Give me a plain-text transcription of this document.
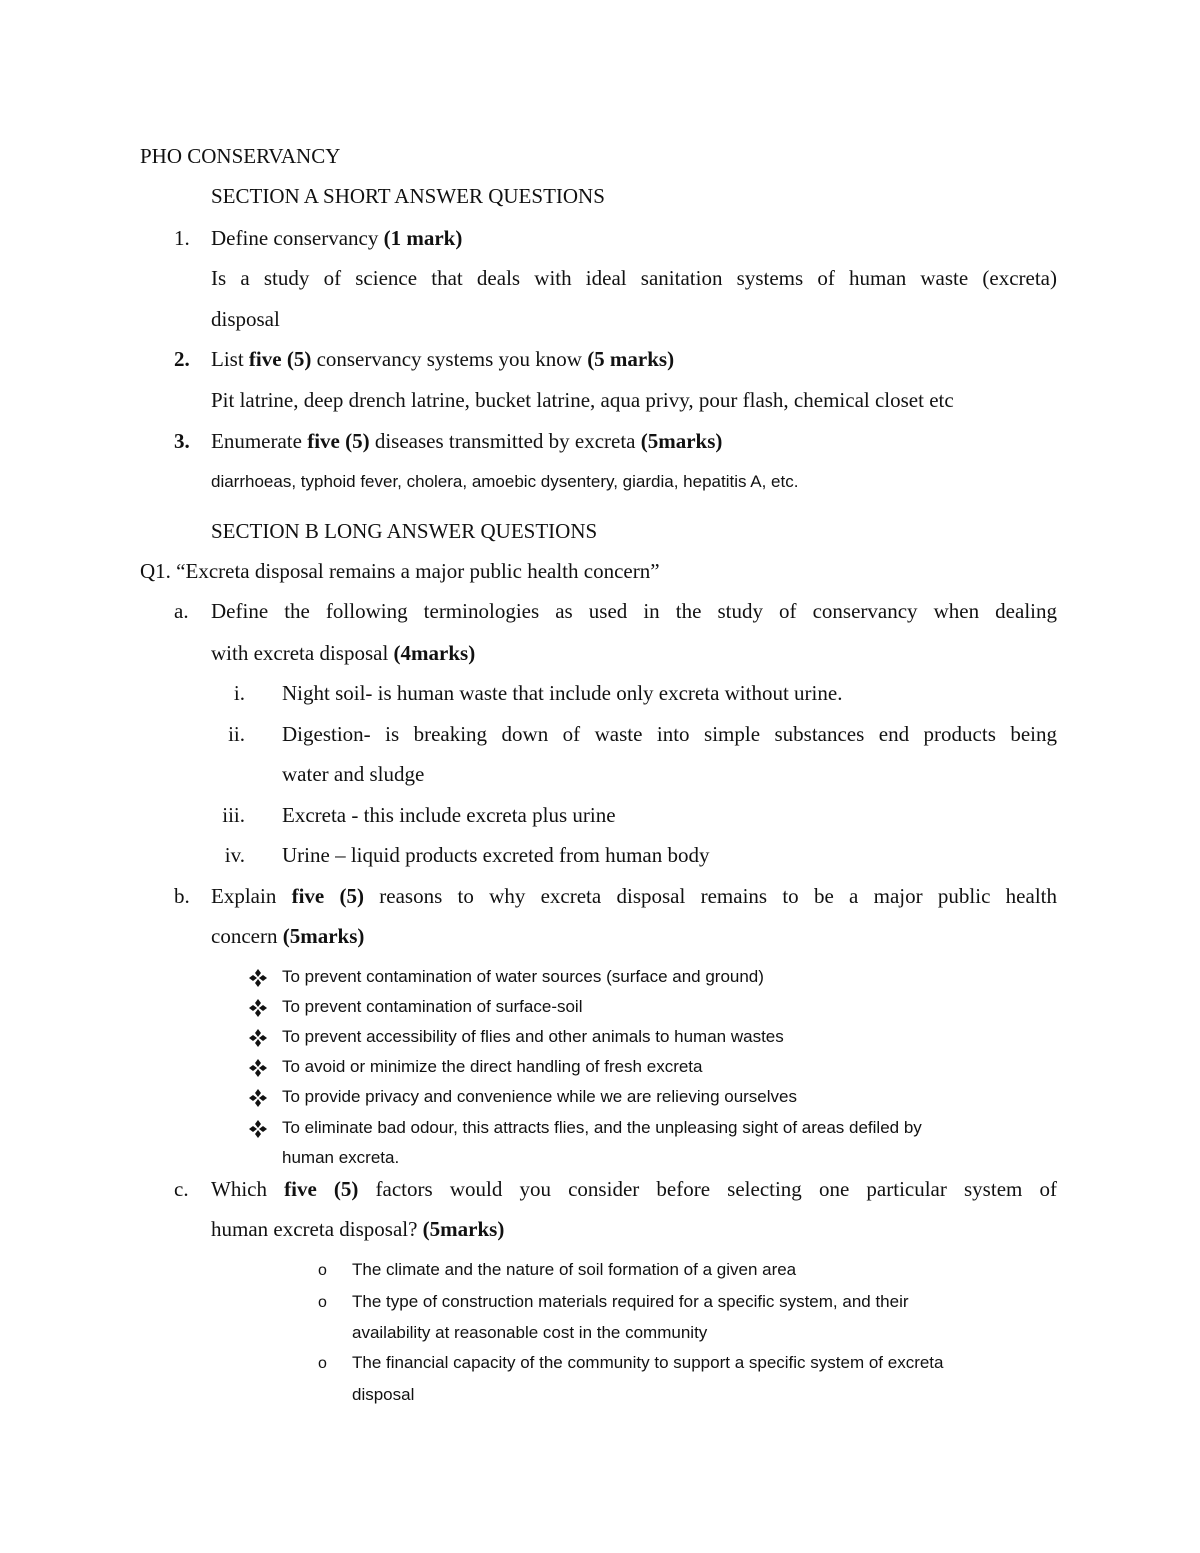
PHO CONSERVANCY
SECTION A SHORT ANSWER QUESTIONS
1. Define conservancy (1 mark)
Is a study of science that deals with ideal sanitation systems of human waste (excreta)
disposal
2. List five (5) conservancy systems you know (5 marks)
Pit latrine, deep drench latrine, bucket latrine, aqua privy, pour flash, chemical closet etc
3. Enumerate five (5) diseases transmitted by excreta (5marks)
diarrhoeas, typhoid fever, cholera, amoebic dysentery, giardia, hepatitis A, etc.
SECTION B LONG ANSWER QUESTIONS
Q1. “Excreta disposal remains a major public health concern”
a. Define the following terminologies as used in the study of conservancy when dealing
with excreta disposal (4marks)
i. Night soil- is human waste that include only excreta without urine.
ii. Digestion- is breaking down of waste into simple substances end products being
water and sludge
iii. Excreta - this include excreta plus urine
iv. Urine – liquid products excreted from human body
b. Explain five (5) reasons to why excreta disposal remains to be a major public health
concern (5marks)
To prevent contamination of water sources (surface and ground)
To prevent contamination of surface-soil
To prevent accessibility of flies and other animals to human wastes
To avoid or minimize the direct handling of fresh excreta
To provide privacy and convenience while we are relieving ourselves
To eliminate bad odour, this attracts flies, and the unpleasing sight of areas defiled by
human excreta.
c. Which five (5) factors would you consider before selecting one particular system of
human excreta disposal? (5marks)
o The climate and the nature of soil formation of a given area
o The type of construction materials required for a specific system, and their
availability at reasonable cost in the community
o The financial capacity of the community to support a specific system of excreta
disposal
